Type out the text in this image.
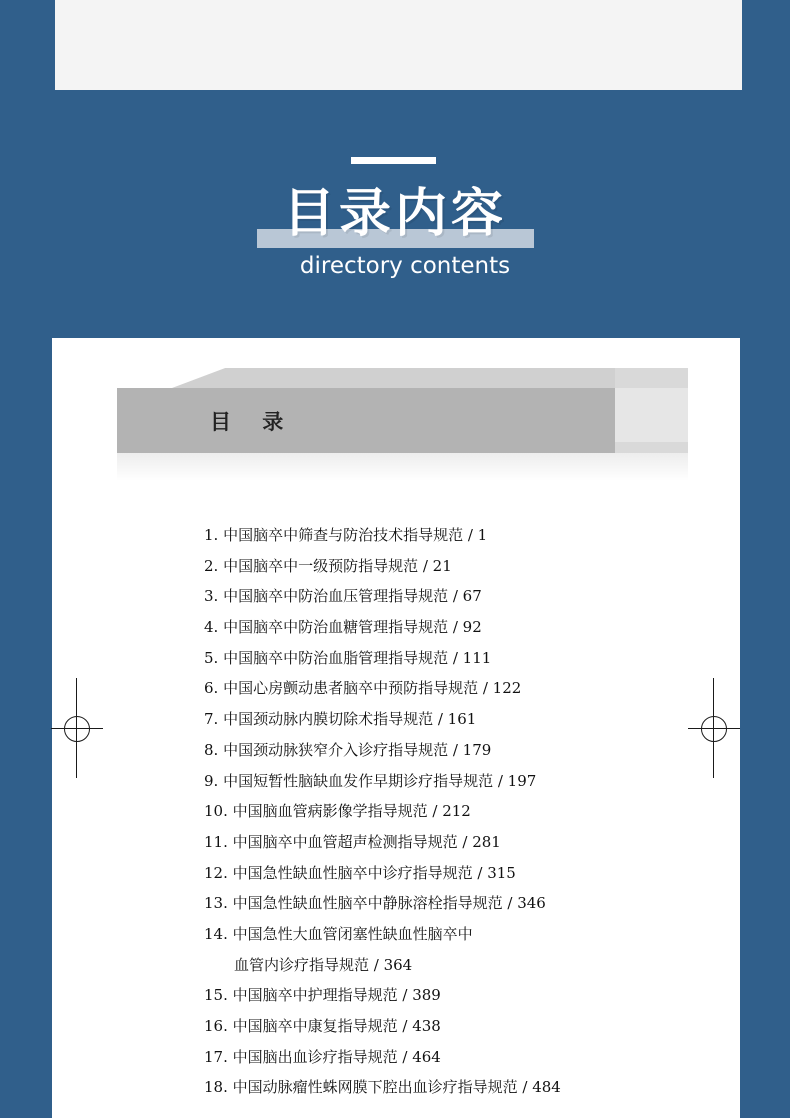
目录内容
directory contents
目 录
1. 中国脑卒中筛查与防治技术指导规范 / 1
2. 中国脑卒中一级预防指导规范 / 21
3. 中国脑卒中防治血压管理指导规范 / 67
4. 中国脑卒中防治血糖管理指导规范 / 92
5. 中国脑卒中防治血脂管理指导规范 / 111
6. 中国心房颤动患者脑卒中预防指导规范 / 122
7. 中国颈动脉内膜切除术指导规范 / 161
8. 中国颈动脉狭窄介入诊疗指导规范 / 179
9. 中国短暂性脑缺血发作早期诊疗指导规范 / 197
10. 中国脑血管病影像学指导规范 / 212
11. 中国脑卒中血管超声检测指导规范 / 281
12. 中国急性缺血性脑卒中诊疗指导规范 / 315
13. 中国急性缺血性脑卒中静脉溶栓指导规范 / 346
14. 中国急性大血管闭塞性缺血性脑卒中
血管内诊疗指导规范 / 364
15. 中国脑卒中护理指导规范 / 389
16. 中国脑卒中康复指导规范 / 438
17. 中国脑出血诊疗指导规范 / 464
18. 中国动脉瘤性蛛网膜下腔出血诊疗指导规范 / 484
